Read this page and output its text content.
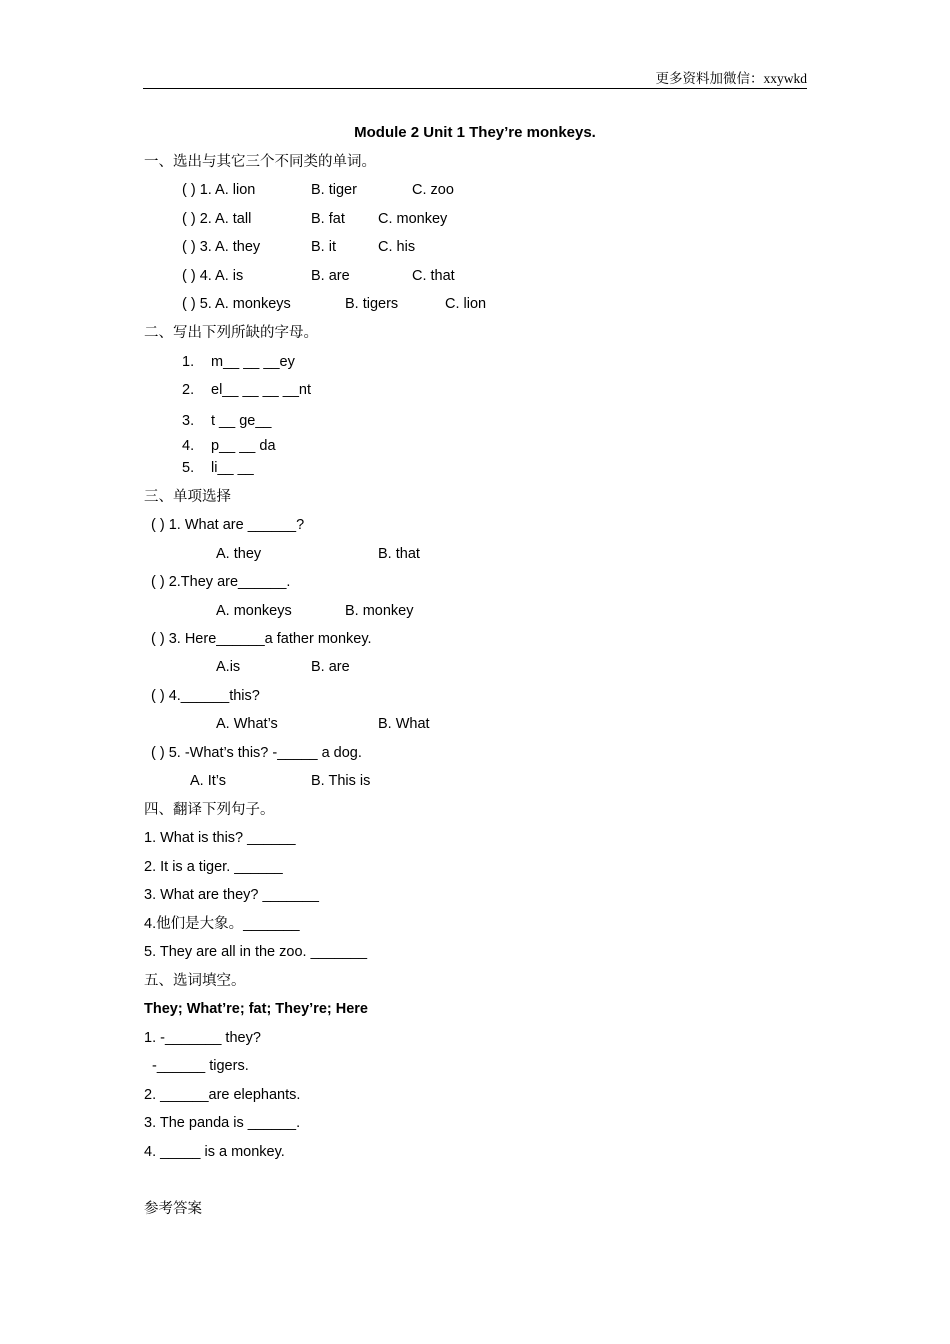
更多资料加微信：xxywkd
Module 2 Unit 1 They’re monkeys.
一、选出与其它三个不同类的单词。
( ) 1. A. lion	B. tiger	C. zoo
( ) 2. A. tall	B. fat C. monkey
( ) 3. A. they	B. it	C. his
( ) 4. A. is	B. are	C. that
( ) 5. A. monkeys	B. tigers	C. lion
二、写出下列所缺的字母。
1. m__ __ __ey
2. el__ __ __ __nt
3. t __ ge__
4. p__ __ da
5. li__ __
三、单项选择
( ) 1. What are ______?
A. they	B. that
( ) 2.They are______.
A. monkeys	B. monkey
( ) 3. Here______a father monkey.
A.is	B. are
( ) 4.______this?
A. What’s	B. What
( ) 5. -What’s this? -_____ a dog.
A. It’s	B. This is
四、翻译下列句子。
1. What is this? ______
2. It is a tiger. ______
3. What are they? _______
4.他们是大象。_______
5. They are all in the zoo. _______
五、选词填空。
They; What’re; fat; They’re; Here
1. -_______ they?
-______ tigers.
2. ______are elephants.
3. The panda is ______.
4. _____ is a monkey.
参考答案
